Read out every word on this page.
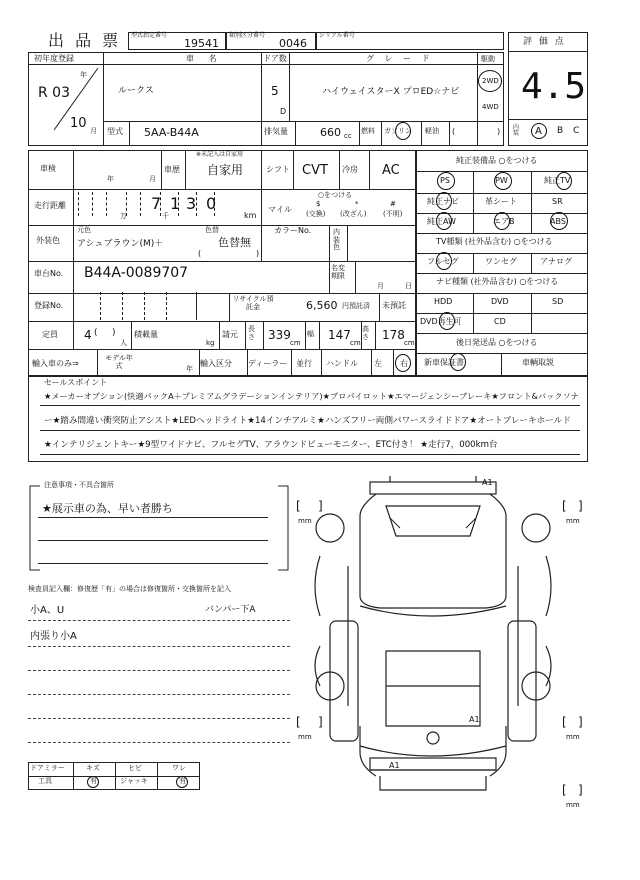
出 品 票 型式指定番号
19541
類別区分番号
0046
シリアル番号
評 価 点
4.5
内装	A B C
初年度登録
年
R 03
10 月
車 名
ルークス
ドア数
5
D
グ レ ー ド
ハイウェイスターX プロED☆ナビ
駆動
2WD
4WD
型式 5AA-B44A	排気量	660 cc
燃料 ガソリン 軽油 (	)
車検
年	月
※未記入は自家用
車歴 自家用	シフト CVT 冷房 AC
走行距離	7
万	千
1 3 0
km
マイル
○をつける
$
(交換)
*
(改ざん)
#
(不明)
外装色
元色
アシュブラウン(M)＋
色替
色替無
(	)
カラーNo.	内装色
車台No. B44A-0089707	名変期限
月	日
登録No.
リサイクル預託金	6,560 円預託済 未預託
定員 4 ( )
人
積載量
kg
請元
長さ 339
cm
幅 147
cm
高さ 178
cm
輸入車のみ⇒
モデル年式	年
輸入区分 ディーラー 並行 ハンドル 左 右
純正装備品 ○をつける
PS	PW	純正TV
純正ナビ	革シート	SR
純正AW	エアB	ABS
TV種類 (社外品含む) ○をつける
フルセグ	ワンセグ	アナログ
ナビ種類 (社外品含む) ○をつける
HDD	DVD	SD
DVD再生可	CD
後日発送品 ○をつける
新車保証書	車輌取説
セールスポイント
★メーカーオプション(快適パックA＋プレミアムグラデーションインテリア)★プロパイロット★エマージェンシーブレーキ★フロント&バックソナ
ー★踏み間違い衝突防止アシスト★LEDヘッドライト★14インチアルミ★ハンズフリー両側パワースライドドア★オートブレーキホールド
★インテリジェントキー★9型ワイドナビ、フルセグTV、アラウンドビューモニター、ETC付き！ ★走行7，000km台
注意事項・不具合箇所
★展示車の為、早い者勝ち
検査員記入欄：修復歴「有」の場合は修復箇所・交換箇所を記入
小A、U	バンパー下A
内張り小A
ドアミラー	キズ	ヒビ	ワレ
工具	有	ジャッキ	有
A1
A1
A1
[ ]
mm
[ ]
mm
[ ]
mm
[ ]
mm
[ ]
mm
